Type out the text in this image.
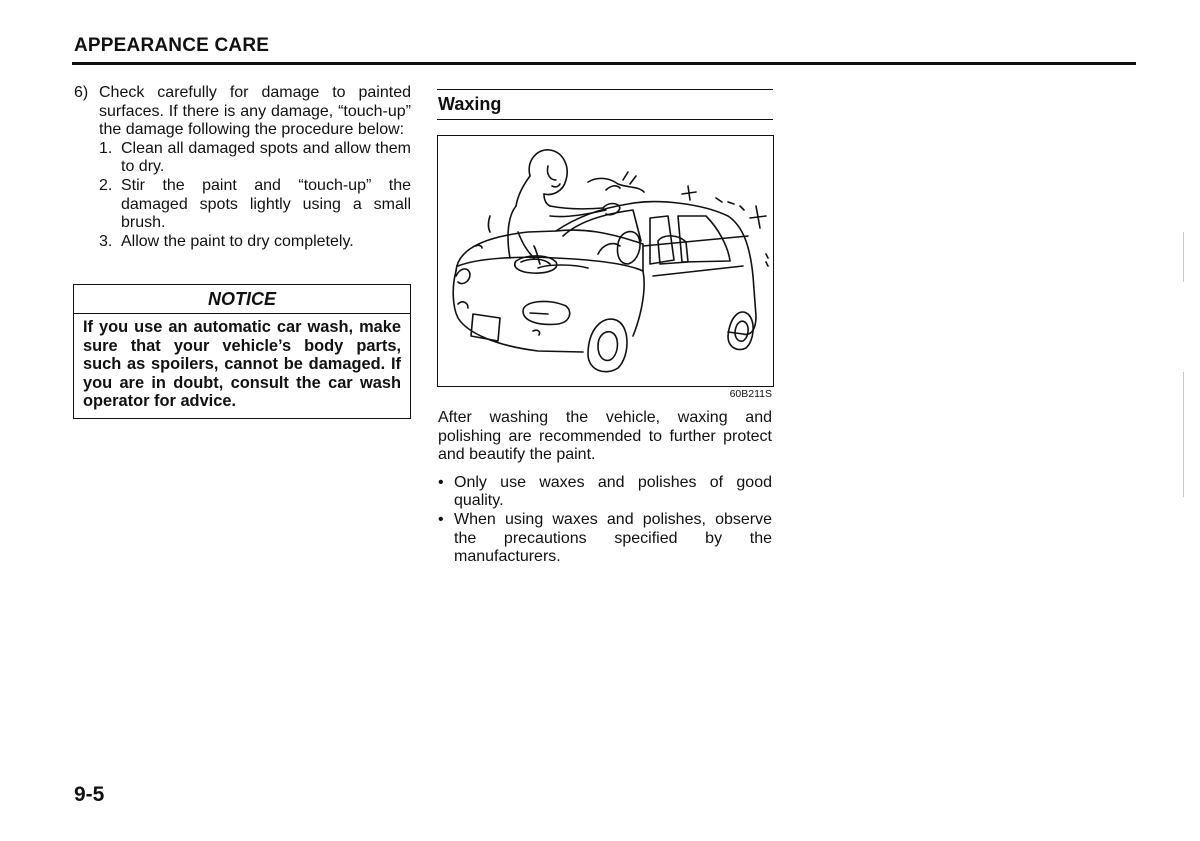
APPEARANCE CARE
6) Check carefully for damage to painted surfaces. If there is any damage, “touch-up” the damage following the procedure below:
1. Clean all damaged spots and allow them to dry.
2. Stir the paint and “touch-up” the damaged spots lightly using a small brush.
3. Allow the paint to dry completely.
NOTICE
If you use an automatic car wash, make sure that your vehicle’s body parts, such as spoilers, cannot be damaged. If you are in doubt, consult the car wash operator for advice.
Waxing
60B211S

After washing the vehicle, waxing and polishing are recommended to further protect and beautify the paint.

• Only use waxes and polishes of good quality.
• When using waxes and polishes, observe the precautions specified by the manufacturers.
9-5
